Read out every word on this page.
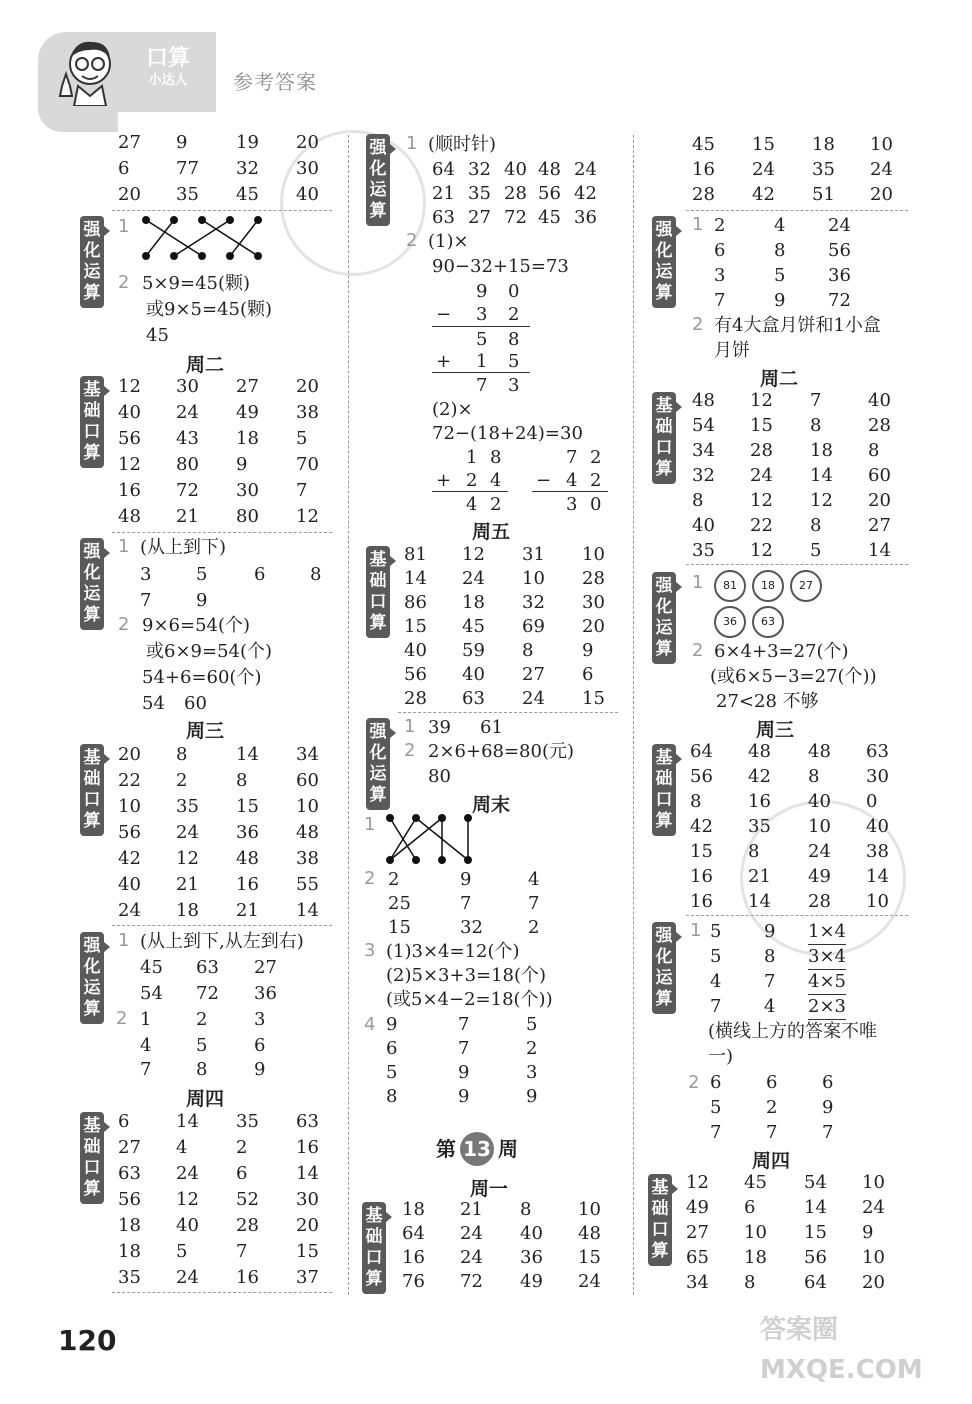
口算
小达人	参考答案
27 9	19 20
6	77 32 30
20 35 45 40
强
化
运
算
1
2 5×9=45(颗)
或9×5=45(颗)
45
周二
基
础
口
算
12 30 27 20
40 24 49 38
56 43 18 5
12 80 9	70
16 72 30 7
48 21 80 12
强
化
运
算
1 (从上到下)
3 5	6 8
7 9
2 9×6=54(个)
或6×9=54(个)
54+6=60(个)
54 60
周三
基
础
口
算
20 8	14 34
22 2	8	60
10 35 15 10
56 24 36 48
42 12 48 38
40 21 16 55
24 18 21 14
强
化
运
算
1 (从上到下,从左到右)
45 63 27
54 72 36
2 1 2	3
4 5	6
7 8	9
周四
基
础
口
算
6	14 35 63
27 4	2	16
63 24 6	14
56 12 52 30
18 40 28 20
18 5	7	15
35 24 16 37
强
化
运
算
1 (顺时针)
64 32 40 48 24
21 35 28 56 42
63 27 72 45 36
2 (1)×
90−32+15=73
9 0
− 3 2
5 8
+ 1 5
7 3
(2)×
72−(18+24)=30
1 8
+ 2 4
4 2
7 2
− 4 2
3 0
周五
基
础
口
算
81 12 31 10
14 24 10 28
86 18 32 30
15 45 69 20
40 59 8	9
56 40 27 6
28 63 24 15
强
化
运
算
1 39 61
2 2×6+68=80(元)
80
周末
1
2 2	9	4
25	7	7
15	32	2
3 (1)3×4=12(个)
(2)5×3+3=18(个)
(或5×4−2=18(个))
4 9	7	5
6	7	2
5	9	3
8	9	9
第 13 周
周一
基
础
口
算
18 21 8	10
64 24 40 48
16 24 36 15
76 72 49 24
45 15 18 10
16 24 35 24
28 42 51 20
强
化
运
算
1 2	4 24
6	8 56
3	5 36
7	9 72
2 有4大盒月饼和1小盒
月饼
周二
基
础
口
算
48 12 7	40
54 15 8	28
34 28 18 8
32 24 14 60
8	12 12 20
40 22 8	27
35 12 5	14
强
化
运
算
1	81	18	27
36	63
2 6×4+3=27(个)
(或6×5−3=27(个))
27<28 不够
周三
基
础
口
算
64 48 48 63
56 42 8	30
8	16 40 0
42 35 10 40
15 8	24 38
16 21 49 14
16 14 28 10
强
化
运
算
1 5 9 1×4
5 8 3×4
4 7 4×5
7 4 2×3
(横线上方的答案不唯
一)
2 6 6 6
5 2 9
7 7 7
周四
基
础
口
算
12 45 54 10
49 6	14 24
27 10 15 9
65 18 56 10
34 8	64 20
120	答案圈 MXQE.COM
